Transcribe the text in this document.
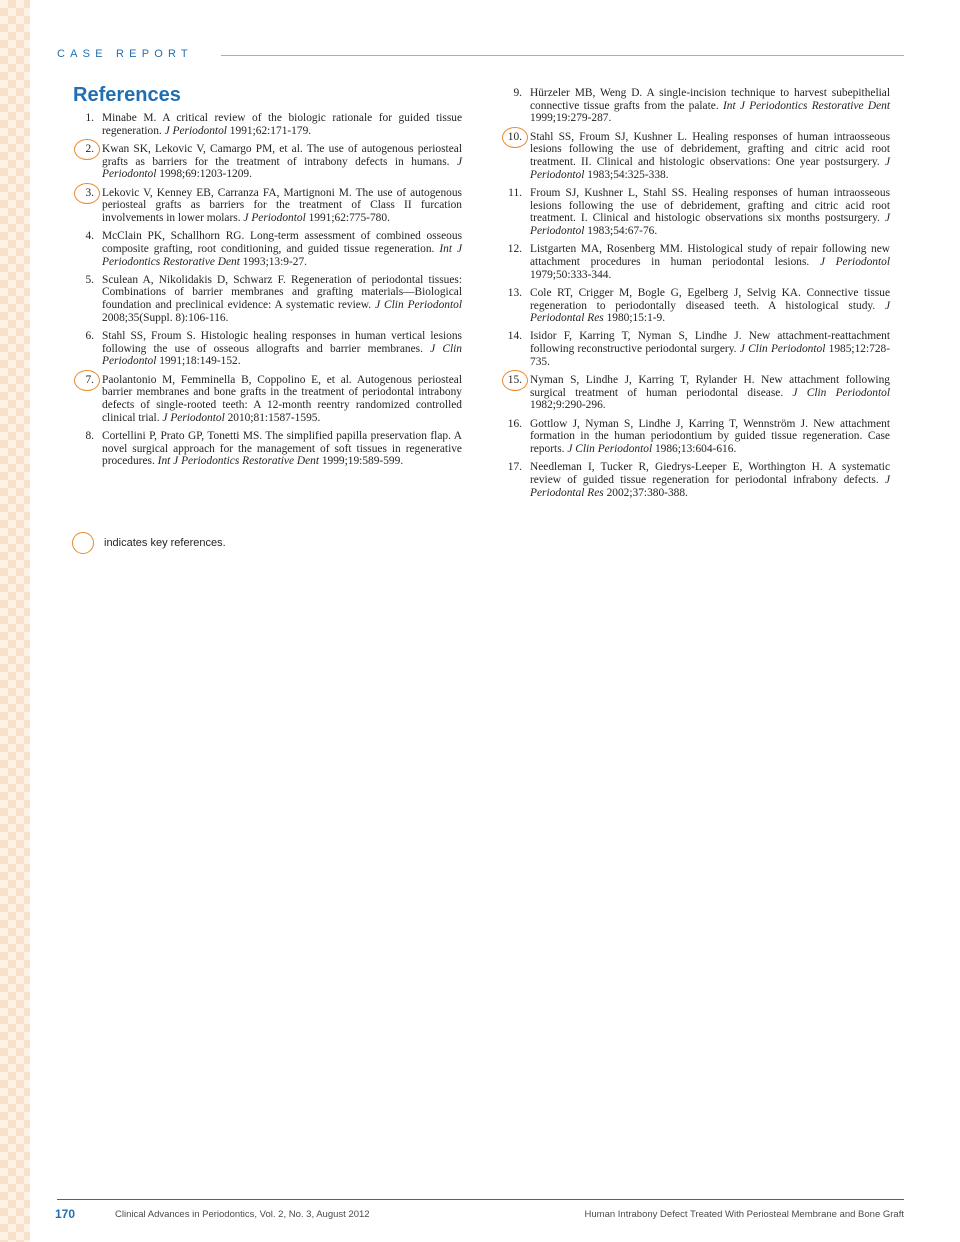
CASE REPORT
References
1. Minabe M. A critical review of the biologic rationale for guided tissue regeneration. J Periodontol 1991;62:171-179.
2. Kwan SK, Lekovic V, Camargo PM, et al. The use of autogenous periosteal grafts as barriers for the treatment of intrabony defects in humans. J Periodontol 1998;69:1203-1209.
3. Lekovic V, Kenney EB, Carranza FA, Martignoni M. The use of autogenous periosteal grafts as barriers for the treatment of Class II furcation involvements in lower molars. J Periodontol 1991;62:775-780.
4. McClain PK, Schallhorn RG. Long-term assessment of combined osseous composite grafting, root conditioning, and guided tissue regeneration. Int J Periodontics Restorative Dent 1993;13:9-27.
5. Sculean A, Nikolidakis D, Schwarz F. Regeneration of periodontal tissues: Combinations of barrier membranes and grafting materials—Biological foundation and preclinical evidence: A systematic review. J Clin Periodontol 2008;35(Suppl. 8):106-116.
6. Stahl SS, Froum S. Histologic healing responses in human vertical lesions following the use of osseous allografts and barrier membranes. J Clin Periodontol 1991;18:149-152.
7. Paolantonio M, Femminella B, Coppolino E, et al. Autogenous periosteal barrier membranes and bone grafts in the treatment of periodontal intrabony defects of single-rooted teeth: A 12-month reentry randomized controlled clinical trial. J Periodontol 2010;81:1587-1595.
8. Cortellini P, Prato GP, Tonetti MS. The simplified papilla preservation flap. A novel surgical approach for the management of soft tissues in regenerative procedures. Int J Periodontics Restorative Dent 1999;19:589-599.
9. Hürzeler MB, Weng D. A single-incision technique to harvest subepithelial connective tissue grafts from the palate. Int J Periodontics Restorative Dent 1999;19:279-287.
10. Stahl SS, Froum SJ, Kushner L. Healing responses of human intraosseous lesions following the use of debridement, grafting and citric acid root treatment. II. Clinical and histologic observations: One year postsurgery. J Periodontol 1983;54:325-338.
11. Froum SJ, Kushner L, Stahl SS. Healing responses of human intraosseous lesions following the use of debridement, grafting and citric acid root treatment. I. Clinical and histologic observations six months postsurgery. J Periodontol 1983;54:67-76.
12. Listgarten MA, Rosenberg MM. Histological study of repair following new attachment procedures in human periodontal lesions. J Periodontol 1979;50:333-344.
13. Cole RT, Crigger M, Bogle G, Egelberg J, Selvig KA. Connective tissue regeneration to periodontally diseased teeth. A histological study. J Periodontal Res 1980;15:1-9.
14. Isidor F, Karring T, Nyman S, Lindhe J. New attachment-reattachment following reconstructive periodontal surgery. J Clin Periodontol 1985;12:728-735.
15. Nyman S, Lindhe J, Karring T, Rylander H. New attachment following surgical treatment of human periodontal disease. J Clin Periodontol 1982;9:290-296.
16. Gottlow J, Nyman S, Lindhe J, Karring T, Wennström J. New attachment formation in the human periodontium by guided tissue regeneration. Case reports. J Clin Periodontol 1986;13:604-616.
17. Needleman I, Tucker R, Giedrys-Leeper E, Worthington H. A systematic review of guided tissue regeneration for periodontal infrabony defects. J Periodontal Res 2002;37:380-388.
indicates key references.
170	Clinical Advances in Periodontics, Vol. 2, No. 3, August 2012	Human Intrabony Defect Treated With Periosteal Membrane and Bone Graft
